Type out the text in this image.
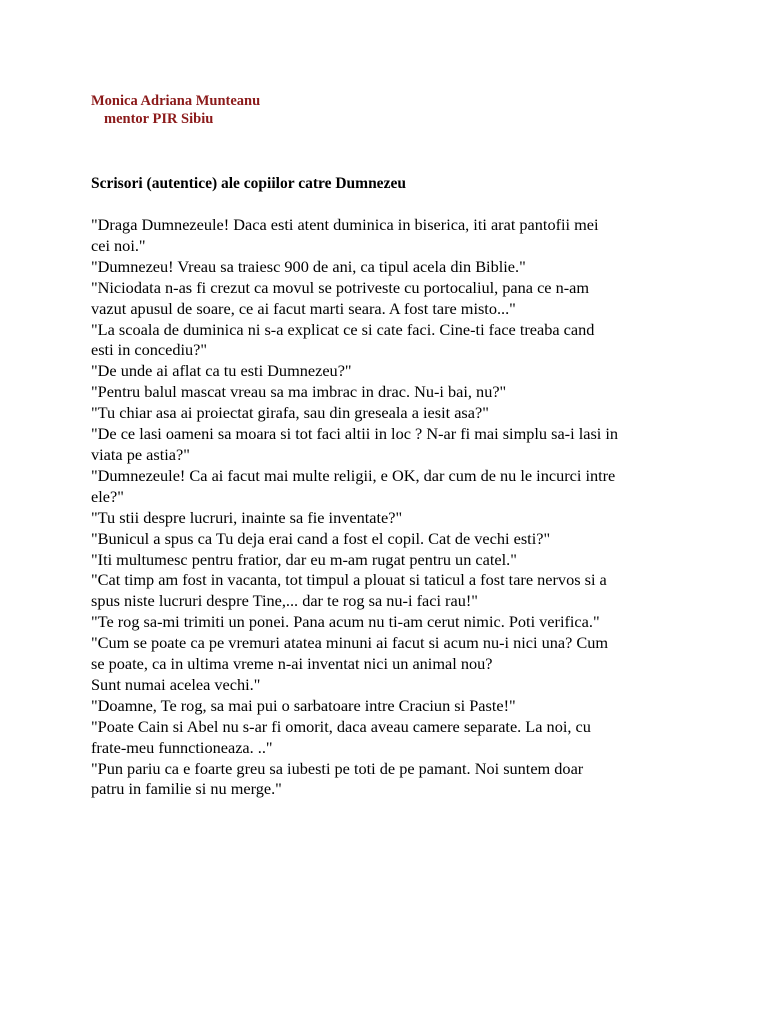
Monica Adriana Munteanu

mentor PIR Sibiu

Scrisori (autentice) ale copiilor catre Dumnezeu

"Draga Dumnezeule! Daca esti atent duminica in biserica, iti arat pantofii mei
cei noi."
"Dumnezeu! Vreau sa traiesc 900 de ani, ca tipul acela din Biblie."
"Niciodata n-as fi crezut ca movul se potriveste cu portocaliul, pana ce n-am
vazut apusul de soare, ce ai facut marti seara. A fost tare misto..."
"La scoala de duminica ni s-a explicat ce si cate faci. Cine-ti face treaba cand
esti in concediu?"
"De unde ai aflat ca tu esti Dumnezeu?"
"Pentru balul mascat vreau sa ma imbrac in drac. Nu-i bai, nu?"
"Tu chiar asa ai proiectat girafa, sau din greseala a iesit asa?"
"De ce lasi oameni sa moara si tot faci altii in loc ? N-ar fi mai simplu sa-i lasi in
viata pe astia?"
"Dumnezeule! Ca ai facut mai multe religii, e OK, dar cum de nu le incurci intre
ele?"
"Tu stii despre lucruri, inainte sa fie inventate?"
"Bunicul a spus ca Tu deja erai cand a fost el copil. Cat de vechi esti?"
"Iti multumesc pentru fratior, dar eu m-am rugat pentru un catel."
"Cat timp am fost in vacanta, tot timpul a plouat si taticul a fost tare nervos si a
spus niste lucruri despre Tine,... dar te rog sa nu-i faci rau!"
"Te rog sa-mi trimiti un ponei. Pana acum nu ti-am cerut nimic. Poti verifica."
"Cum se poate ca pe vremuri atatea minuni ai facut si acum nu-i nici una? Cum
se poate, ca in ultima vreme n-ai inventat nici un animal nou?
Sunt numai acelea vechi."
"Doamne, Te rog, sa mai pui o sarbatoare intre Craciun si Paste!"
"Poate Cain si Abel nu s-ar fi omorit, daca aveau camere separate. La noi, cu
frate-meu funnctioneaza. .."
"Pun pariu ca e foarte greu sa iubesti pe toti de pe pamant. Noi suntem doar
patru in familie si nu merge."
